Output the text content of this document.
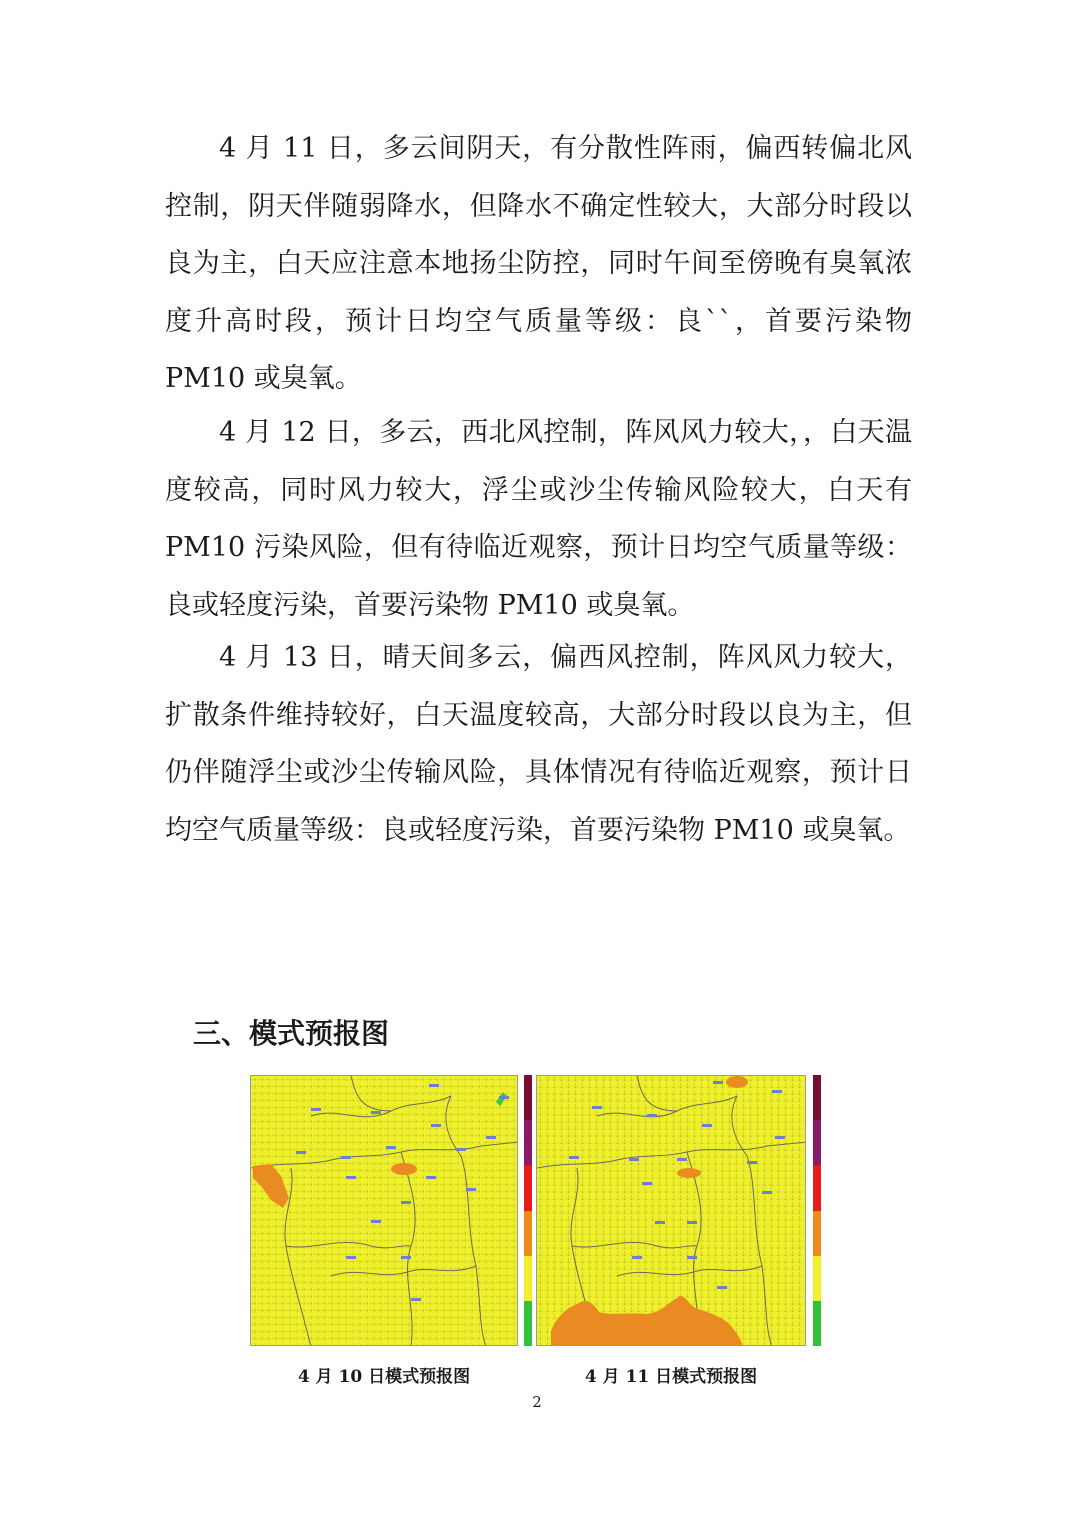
4 月 11 日，多云间阴天，有分散性阵雨，偏西转偏北风控制，阴天伴随弱降水，但降水不确定性较大，大部分时段以良为主，白天应注意本地扬尘防控，同时午间至傍晚有臭氧浓度升高时段，预计日均空气质量等级：良``，首要污染物 PM10 或臭氧。

4 月 12 日，多云，西北风控制，阵风风力较大，，白天温度较高，同时风力较大，浮尘或沙尘传输风险较大，白天有 PM10 污染风险，但有待临近观察，预计日均空气质量等级：良或轻度污染，首要污染物 PM10 或臭氧。

4 月 13 日，晴天间多云，偏西风控制，阵风风力较大，扩散条件维持较好，白天温度较高，大部分时段以良为主，但仍伴随浮尘或沙尘传输风险，具体情况有待临近观察，预计日均空气质量等级：良或轻度污染，首要污染物 PM10 或臭氧。

三、模式预报图

4 月 10 日模式预报图	4 月 11 日模式预报图

2
